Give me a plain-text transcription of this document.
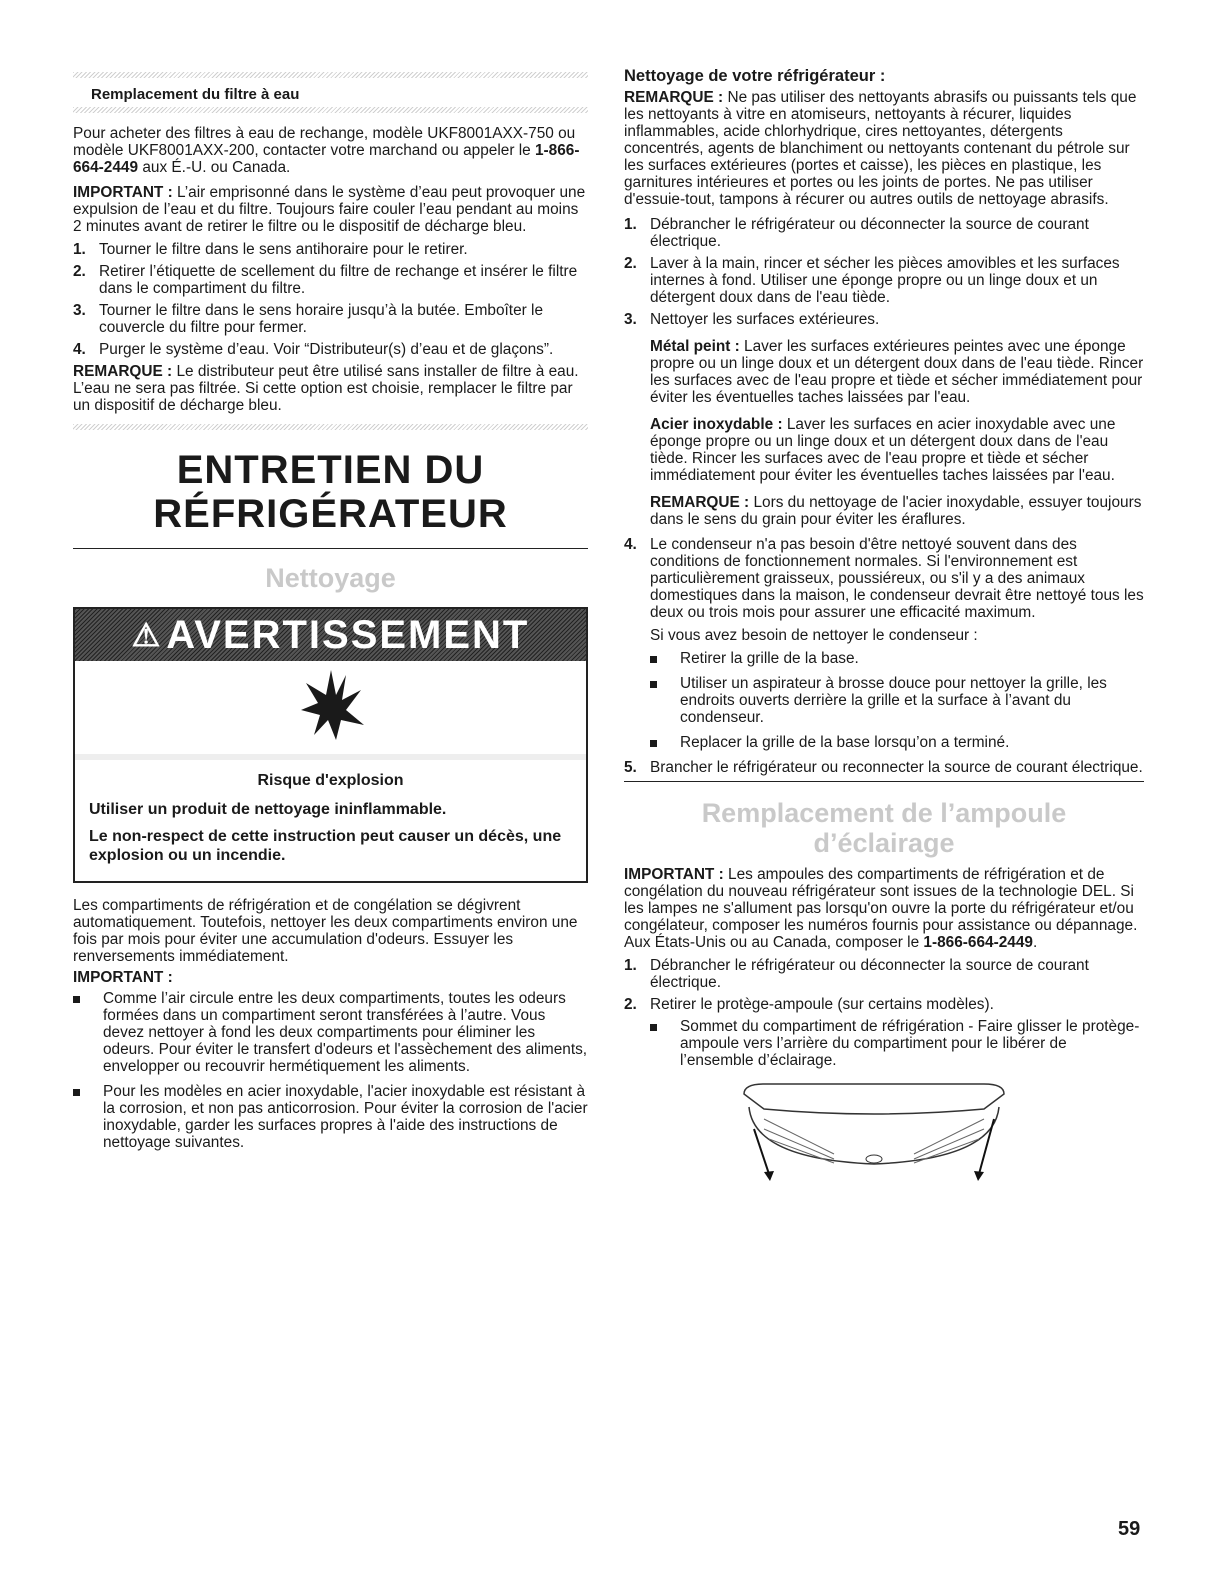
Remplacement du filtre à eau

Pour acheter des filtres à eau de rechange, modèle UKF8001AXX-750 ou modèle UKF8001AXX-200, contacter votre marchand ou appeler le 1-866-664-2449 aux É.-U. ou Canada.

IMPORTANT : L’air emprisonné dans le système d’eau peut provoquer une expulsion de l’eau et du filtre. Toujours faire couler l’eau pendant au moins 2 minutes avant de retirer le filtre ou le dispositif de décharge bleu.

1. Tourner le filtre dans le sens antihoraire pour le retirer.
2. Retirer l’étiquette de scellement du filtre de rechange et insérer le filtre dans le compartiment du filtre.
3. Tourner le filtre dans le sens horaire jusqu’à la butée. Emboîter le couvercle du filtre pour fermer.
4. Purger le système d’eau. Voir “Distributeur(s) d’eau et de glaçons”.

REMARQUE : Le distributeur peut être utilisé sans installer de filtre à eau. L’eau ne sera pas filtrée. Si cette option est choisie, remplacer le filtre par un dispositif de décharge bleu.

ENTRETIEN DU
RÉFRIGÉRATEUR
Nettoyage
⚠ AVERTISSEMENT
Risque d'explosion
Utiliser un produit de nettoyage ininflammable.
Le non-respect de cette instruction peut causer un décès, une explosion ou un incendie.

Les compartiments de réfrigération et de congélation se dégivrent automatiquement. Toutefois, nettoyer les deux compartiments environ une fois par mois pour éviter une accumulation d'odeurs. Essuyer les renversements immédiatement.

IMPORTANT :

Comme l’air circule entre les deux compartiments, toutes les odeurs formées dans un compartiment seront transférées à l’autre. Vous devez nettoyer à fond les deux compartiments pour éliminer les odeurs. Pour éviter le transfert d'odeurs et l'assèchement des aliments, envelopper ou recouvrir hermétiquement les aliments.
Pour les modèles en acier inoxydable, l'acier inoxydable est résistant à la corrosion, et non pas anticorrosion. Pour éviter la corrosion de l'acier inoxydable, garder les surfaces propres à l'aide des instructions de nettoyage suivantes.

Nettoyage de votre réfrigérateur :

REMARQUE : Ne pas utiliser des nettoyants abrasifs ou puissants tels que les nettoyants à vitre en atomiseurs, nettoyants à récurer, liquides inflammables, acide chlorhydrique, cires nettoyantes, détergents concentrés, agents de blanchiment ou nettoyants contenant du pétrole sur les surfaces extérieures (portes et caisse), les pièces en plastique, les garnitures intérieures et portes ou les joints de portes. Ne pas utiliser d'essuie-tout, tampons à récurer ou autres outils de nettoyage abrasifs.

1. Débrancher le réfrigérateur ou déconnecter la source de courant électrique.
2. Laver à la main, rincer et sécher les pièces amovibles et les surfaces internes à fond. Utiliser une éponge propre ou un linge doux et un détergent doux dans de l'eau tiède.
3. Nettoyer les surfaces extérieures.
Métal peint : Laver les surfaces extérieures peintes avec une éponge propre ou un linge doux et un détergent doux dans de l'eau tiède. Rincer les surfaces avec de l'eau propre et tiède et sécher immédiatement pour éviter les éventuelles taches laissées par l'eau.
Acier inoxydable : Laver les surfaces en acier inoxydable avec une éponge propre ou un linge doux et un détergent doux dans de l'eau tiède. Rincer les surfaces avec de l'eau propre et tiède et sécher immédiatement pour éviter les éventuelles taches laissées par l'eau.
REMARQUE : Lors du nettoyage de l'acier inoxydable, essuyer toujours dans le sens du grain pour éviter les éraflures.
4. Le condenseur n'a pas besoin d'être nettoyé souvent dans des conditions de fonctionnement normales. Si l'environnement est particulièrement graisseux, poussiéreux, ou s'il y a des animaux domestiques dans la maison, le condenseur devrait être nettoyé tous les deux ou trois mois pour assurer une efficacité maximum.
Si vous avez besoin de nettoyer le condenseur :
Retirer la grille de la base.
Utiliser un aspirateur à brosse douce pour nettoyer la grille, les endroits ouverts derrière la grille et la surface à l’avant du condenseur.
Replacer la grille de la base lorsqu’on a terminé.
5. Brancher le réfrigérateur ou reconnecter la source de courant électrique.
Remplacement de l’ampoule
d’éclairage

IMPORTANT : Les ampoules des compartiments de réfrigération et de congélation du nouveau réfrigérateur sont issues de la technologie DEL. Si les lampes ne s'allument pas lorsqu'on ouvre la porte du réfrigérateur et/ou congélateur, composer les numéros fournis pour assistance ou dépannage. Aux États-Unis ou au Canada, composer le 1-866-664-2449.

1. Débrancher le réfrigérateur ou déconnecter la source de courant électrique.
2. Retirer le protège-ampoule (sur certains modèles).
Sommet du compartiment de réfrigération - Faire glisser le protège-ampoule vers l’arrière du compartiment pour le libérer de l’ensemble d’éclairage.
59
